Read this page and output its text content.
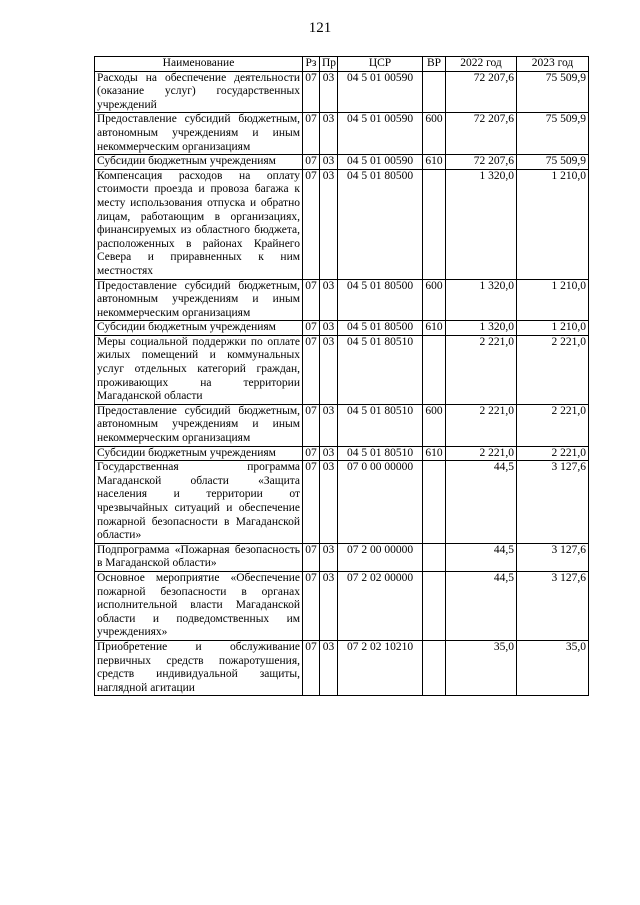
121
Наименование	Рз	Пр	ЦСР	ВР	2022 год	2023 год
Расходы на обеспечение деятельности (оказание услуг) государственных учреждений	07	03	04 5 01 00590		72 207,6	75 509,9
Предоставление субсидий бюджетным, автономным учреждениям и иным некоммерческим организациям	07	03	04 5 01 00590	600	72 207,6	75 509,9
Субсидии бюджетным учреждениям	07	03	04 5 01 00590	610	72 207,6	75 509,9
Компенсация расходов на оплату стоимости проезда и провоза багажа к месту использования отпуска и обратно лицам, работающим в организациях, финансируемых из областного бюджета, расположенных в районах Крайнего Севера и приравненных к ним местностях	07	03	04 5 01 80500		1 320,0	1 210,0
Предоставление субсидий бюджетным, автономным учреждениям и иным некоммерческим организациям	07	03	04 5 01 80500	600	1 320,0	1 210,0
Субсидии бюджетным учреждениям	07	03	04 5 01 80500	610	1 320,0	1 210,0
Меры социальной поддержки по оплате жилых помещений и коммунальных услуг отдельных категорий граждан, проживающих на территории Магаданской области	07	03	04 5 01 80510		2 221,0	2 221,0
Предоставление субсидий бюджетным, автономным учреждениям и иным некоммерческим организациям	07	03	04 5 01 80510	600	2 221,0	2 221,0
Субсидии бюджетным учреждениям	07	03	04 5 01 80510	610	2 221,0	2 221,0
Государственная программа Магаданской области «Защита населения и территории от чрезвычайных ситуаций и обеспечение пожарной безопасности в Магаданской области»	07	03	07 0 00 00000		44,5	3 127,6
Подпрограмма «Пожарная безопасность в Магаданской области»	07	03	07 2 00 00000		44,5	3 127,6
Основное мероприятие «Обеспечение пожарной безопасности в органах исполнительной власти Магаданской области и подведомственных им учреждениях»	07	03	07 2 02 00000		44,5	3 127,6
Приобретение и обслуживание первичных средств пожаротушения, средств индивидуальной защиты, наглядной агитации	07	03	07 2 02 10210		35,0	35,0
